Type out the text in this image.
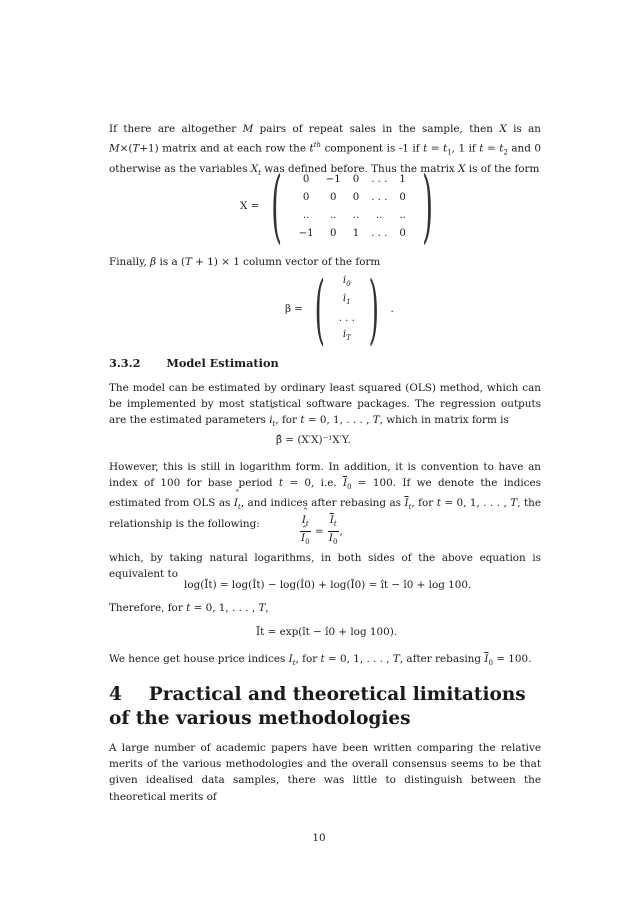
If there are altogether M pairs of repeat sales in the sample, then X is an M×(T+1) matrix and at each row the $t^{th}$ component is -1 if $t = t_1$, 1 if $t = t_2$ and 0 otherwise as the variables $X_t$ was defined before. Thus the matrix X is of the form

X = ( 0	−1	0	. . .	1
0	0	0	. . .	0
..	..	..	..	..
−1	0	1	. . .	0 )

Finally, β is a (T + 1) × 1 column vector of the form

β = ( $i_0$
$i_1$
. . .
$i_T$ ) .
3.3.2 Model Estimation

The model can be estimated by ordinary least squared (OLS) method, which can be implemented by most statistical software packages. The regression outputs are the estimated parameters ˆ $i_t$, for t = 0, 1, . . . , T, which in matrix form is

β̂ = (X′X)⁻¹X′Y.

However, this is still in logarithm form. In addition, it is convention to have an index of 100 for base period t = 0, i.e. $\overline{I}_0 = 100$. If we denote the indices estimated from OLS as ˆ $I_t$, and indices after rebasing as $\overline{I}_t$, for t = 0, 1, . . . , T, the relationship is the following:	ˆ $I_t$
ˆ $I_0 = \frac{\overline{I}_t}{\overline{I}_0}$ ,

which, by taking natural logarithms, in both sides of the above equation is equivalent to

log(Īt) = log(Ît) − log(Î0) + log(Ī0) = ît − î0 + log 100.

Therefore, for t = 0, 1, . . . , T,

Īt = exp(ît − î0 + log 100).

We hence get house price indices $I_t$, for t = 0, 1, . . . , T, after rebasing $\overline{I}_0 = 100$.

4 Practical and theoretical limitations of the various methodologies

A large number of academic papers have been written comparing the relative merits of the various methodologies and the overall consensus seems to be that given idealised data samples, there was little to distinguish between the theoretical merits of

10
